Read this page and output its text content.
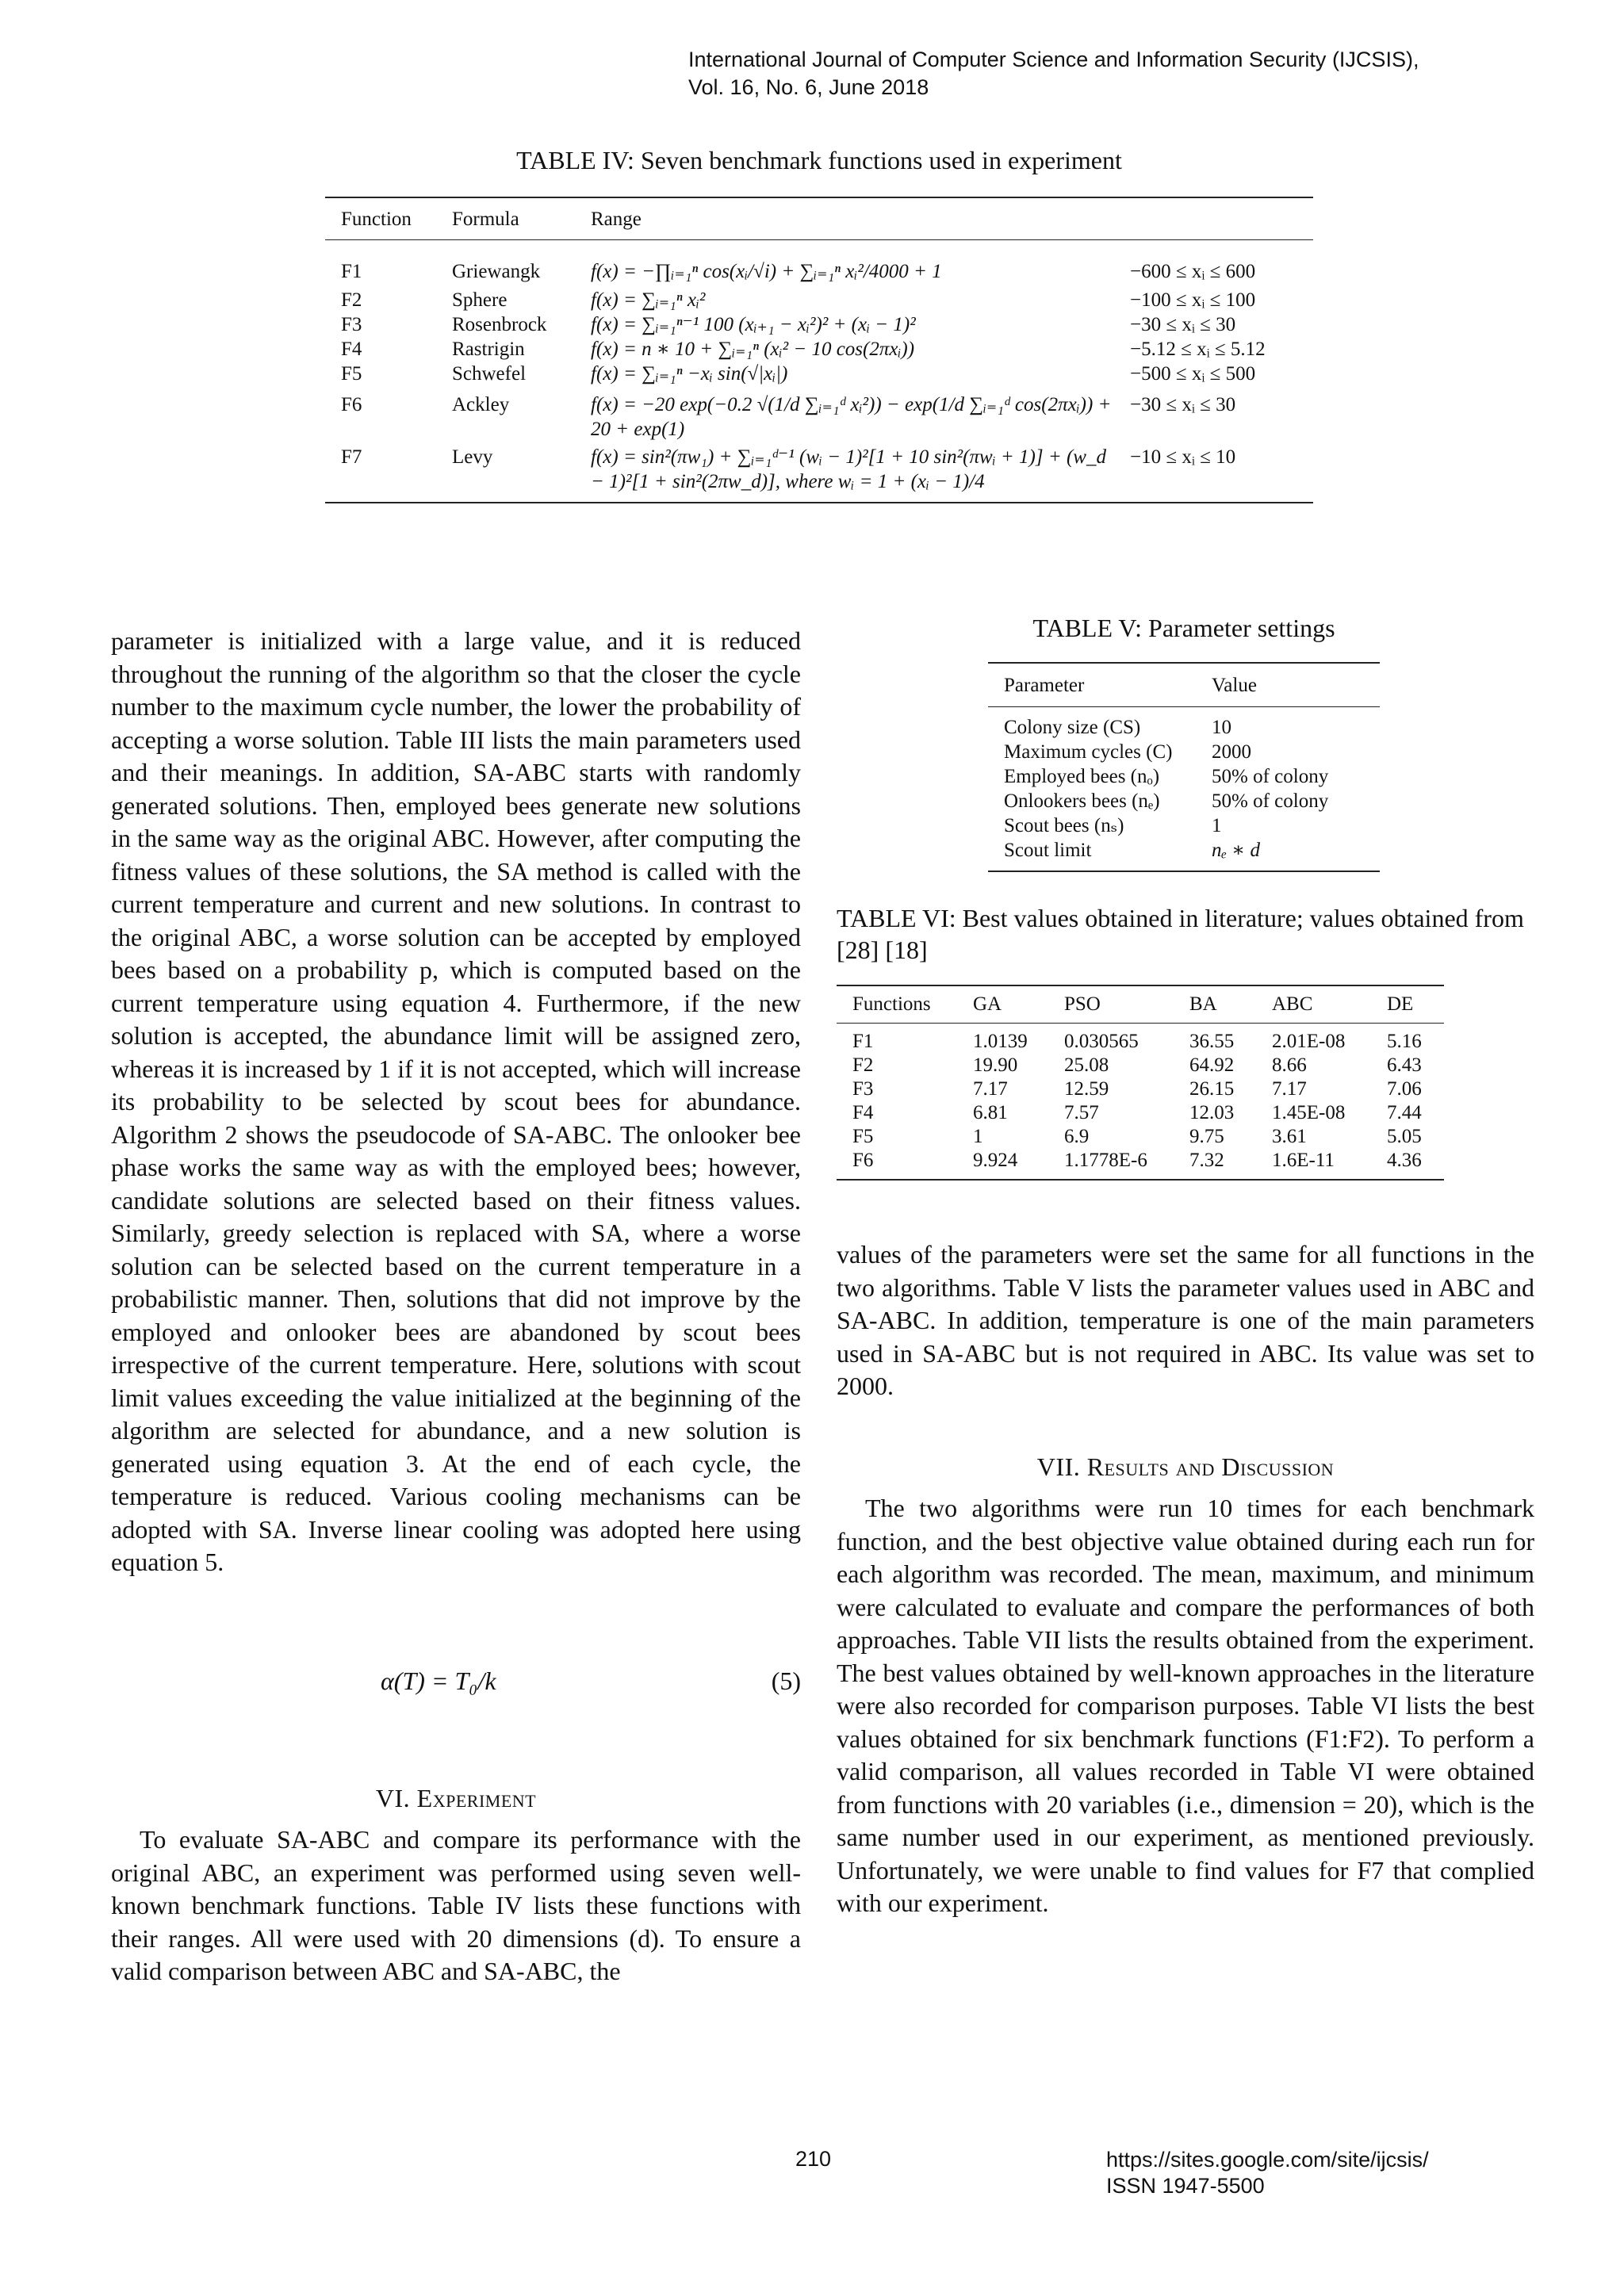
International Journal of Computer Science and Information Security (IJCSIS),
Vol. 16, No. 6, June 2018
TABLE IV: Seven benchmark functions used in experiment
Function	Formula	Range	

F1	Griewangk	f(x) = −∏ᵢ₌₁ⁿ cos(xᵢ/√i) + ∑ᵢ₌₁ⁿ xᵢ²/4000 + 1	−600 ≤ xᵢ ≤ 600
F2	Sphere	f(x) = ∑ᵢ₌₁ⁿ xᵢ²	−100 ≤ xᵢ ≤ 100
F3	Rosenbrock	f(x) = ∑ᵢ₌₁ⁿ⁻¹ 100 (xᵢ₊₁ − xᵢ²)² + (xᵢ − 1)²	−30 ≤ xᵢ ≤ 30
F4	Rastrigin	f(x) = n ∗ 10 + ∑ᵢ₌₁ⁿ (xᵢ² − 10 cos(2πxᵢ))	−5.12 ≤ xᵢ ≤ 5.12
F5	Schwefel	f(x) = ∑ᵢ₌₁ⁿ −xᵢ sin(√|xᵢ|)	−500 ≤ xᵢ ≤ 500
F6	Ackley	f(x) = −20 exp(−0.2 √(1/d ∑ᵢ₌₁ᵈ xᵢ²)) − exp(1/d ∑ᵢ₌₁ᵈ cos(2πxᵢ)) + 20 + exp(1)	−30 ≤ xᵢ ≤ 30
F7	Levy	f(x) = sin²(πw₁) + ∑ᵢ₌₁ᵈ⁻¹ (wᵢ − 1)²[1 + 10 sin²(πwᵢ + 1)] + (w_d − 1)²[1 + sin²(2πw_d)], where wᵢ = 1 + (xᵢ − 1)/4	−10 ≤ xᵢ ≤ 10
TABLE V: Parameter settings
Parameter	Value

Colony size (CS)	10
Maximum cycles (C)	2000
Employed bees (nₒ)	50% of colony
Onlookers bees (nₑ)	50% of colony
Scout bees (nₛ)	1
Scout limit	nₑ ∗ d
TABLE VI: Best values obtained in literature; values obtained from [28] [18]
Functions	GA	PSO	BA	ABC	DE

F1	1.0139	0.030565	36.55	2.01E-08	5.16
F2	19.90	25.08	64.92	8.66	6.43
F3	7.17	12.59	26.15	7.17	7.06
F4	6.81	7.57	12.03	1.45E-08	7.44
F5	1	6.9	9.75	3.61	5.05
F6	9.924	1.1778E-6	7.32	1.6E-11	4.36
parameter is initialized with a large value, and it is reduced throughout the running of the algorithm so that the closer the cycle number to the maximum cycle number, the lower the probability of accepting a worse solution. Table III lists the main parameters used and their meanings. In addition, SA-ABC starts with randomly generated solutions. Then, employed bees generate new solutions in the same way as the original ABC. However, after computing the fitness values of these solutions, the SA method is called with the current temperature and current and new solutions. In contrast to the original ABC, a worse solution can be accepted by employed bees based on a probability p, which is computed based on the current temperature using equation 4. Furthermore, if the new solution is accepted, the abundance limit will be assigned zero, whereas it is increased by 1 if it is not accepted, which will increase its probability to be selected by scout bees for abundance. Algorithm 2 shows the pseudocode of SA-ABC. The onlooker bee phase works the same way as with the employed bees; however, candidate solutions are selected based on their fitness values. Similarly, greedy selection is replaced with SA, where a worse solution can be selected based on the current temperature in a probabilistic manner. Then, solutions that did not improve by the employed and onlooker bees are abandoned by scout bees irrespective of the current temperature. Here, solutions with scout limit values exceeding the value initialized at the beginning of the algorithm are selected for abundance, and a new solution is generated using equation 3. At the end of each cycle, the temperature is reduced. Various cooling mechanisms can be adopted with SA. Inverse linear cooling was adopted here using equation 5.
α(T) = T₀/k	(5)
VI. Experiment
To evaluate SA-ABC and compare its performance with the original ABC, an experiment was performed using seven well-known benchmark functions. Table IV lists these functions with their ranges. All were used with 20 dimensions (d). To ensure a valid comparison between ABC and SA-ABC, the
values of the parameters were set the same for all functions in the two algorithms. Table V lists the parameter values used in ABC and SA-ABC. In addition, temperature is one of the main parameters used in SA-ABC but is not required in ABC. Its value was set to 2000.
VII. Results and Discussion
The two algorithms were run 10 times for each benchmark function, and the best objective value obtained during each run for each algorithm was recorded. The mean, maximum, and minimum were calculated to evaluate and compare the performances of both approaches. Table VII lists the results obtained from the experiment. The best values obtained by well-known approaches in the literature were also recorded for comparison purposes. Table VI lists the best values obtained for six benchmark functions (F1:F2). To perform a valid comparison, all values recorded in Table VI were obtained from functions with 20 variables (i.e., dimension = 20), which is the same number used in our experiment, as mentioned previously. Unfortunately, we were unable to find values for F7 that complied with our experiment.
210	https://sites.google.com/site/ijcsis/
ISSN 1947-5500
